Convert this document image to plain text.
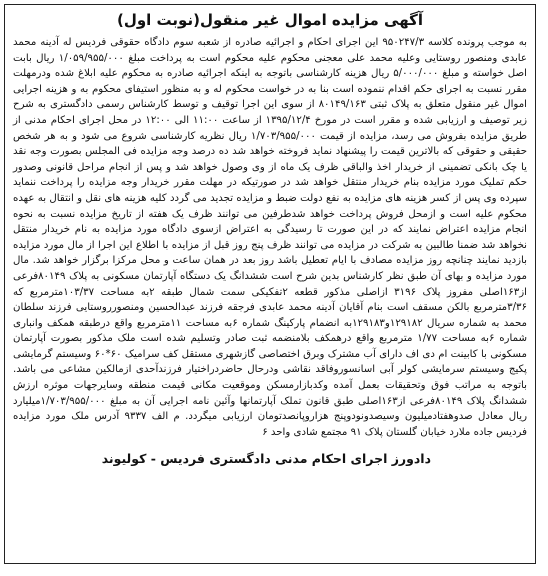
آگهی مزایده اموال غیر منقول(نوبت اول)

به موجب پرونده کلاسه ۹۵۰۲۴۷/۳ این اجرای احکام و اجرائیه صادره از شعبه سوم دادگاه حقوقی فردیس له آدینه محمد عابدی ومنصور روستایی وعلیه محمد علی معجنی محکوم علیه محکوم است به پرداخت مبلغ ۱/۰۵۹/۹۵۵/۰۰۰ ریال بابت اصل خواسته و مبلغ ۵/۰۰۰/۰۰۰ ریال هزینه کارشناسی باتوجه به اینکه اجرائیه صادره به محکوم علیه ابلاغ شده ودرمهلت مقرر نسبت به اجرای حکم اقدام ننموده است بنا به در خواست محکوم له و به منظور استیفای محکوم به و هزینه اجرایی اموال غیر منقول متعلق به پلاک ثبتی ۸۰۱۴۹/۱۶۳ از سوی این اجرا توقیف و توسط کارشناس رسمی دادگستری به شرح زیر توصیف و ارزیابی شده و مقرر است در مورخ ۱۳۹۵/۱۲/۴ از ساعت ۱۱:۰۰ الی ۱۲:۰۰ در محل اجرای احکام مدنی از طریق مزایده بفروش می رسد، مزایده از قیمت ۱/۷۰۳/۹۵۵/۰۰۰ ریال نظریه کارشناسی شروع می شود و به هر شخص حقیقی و حقوقی که بالاترین قیمت را پیشنهاد نماید فروخته خواهد شد ده درصد وجه مزایده فی المجلس بصورت وجه نقد یا چک بانکی تضمینی از خریدار اخذ والباقی ظرف یک ماه از وی وصول خواهد شد و پس از انجام مراحل قانونی وصدور حکم تملیک مورد مزایده بنام خریدار منتقل خواهد شد در صورتیکه در مهلت مقرر خریدار وجه مزایده را پرداخت ننماید سپرده وی پس از کسر هزینه های مزایده به نفع دولت ضبط و مزایده تجدید می گردد کلیه هزینه های نقل و انتقال به عهده محکوم علیه است و ازمحل فروش پرداخت خواهد شدطرفین می توانند ظرف یک هفته از تاریخ مزایده نسبت به نحوه انجام مزایده اعتراض نمایند که در این صورت تا رسیدگی به اعتراض ازسوی دادگاه مورد مزایده به نام خریدار منتقل نخواهد شد ضمنا طالبین به شرکت در مزایده می توانند ظرف پنج روز قبل از مزایده با اطلاع این اجرا از مال مورد مزایده بازدید نمایند چنانچه روز مزایده مصادف با ایام تعطیل باشد روز بعد در همان ساعت و محل مرکزا برگزار خواهد شد. مال مورد مزایده و بهای آن طبق نظر کارشناس بدین شرح است ششدانگ یک دستگاه آپارتمان مسکونی به پلاک ۸۰۱۴۹فرعی از۱۶۳اصلی مفروز پلاک ۳۱۹۶ ازاصلی مذکور قطعه ۲تفکیکی سمت شمال طبقه ۲به مساحت ۱۰۳/۳۷مترمربع که ۳/۳۶مترمربع بالکن مسقف است بنام آقایان آدینه محمد عابدی فرجقه فرزند عبدالحسین ومنصورروستایی فرزند سلطان محمد به شماره سریال ۱۲۹۱۸۲و۱۲۹۱۸۳به انضمام پارکینگ شماره ۶به مساحت ۱۱مترمربع واقع درطبقه همکف وانباری شماره ۶به مساحت ۱/۷۷ مترمربع واقع درهمکف بلامنضمه ثبت صادر وتسلیم شده است ملک مذکور بصورت آپارتمان مسکونی با کابینت ام دی اف دارای آب مشترک وبرق اختصاصی گازشهری مستقل کف سرامیک ۶۰*۶۰ وسیستم گرمایشی پکیج وسیستم سرمایشی کولر آبی اسانسوروفاقد نقاشی ودرحال حاضردراختیار فرزندآحدی ازمالکین مشاعی می باشد. باتوجه به مراتب فوق وتحقیقات بعمل آمده وکدبازارمسکن وموقعیت مکانی قیمت منطقه وسایرجهات موثره ارزش ششدانگ پلاک ۸۰۱۴۹فرعی از۱۶۳اصلی طبق قانون تملک آپارتمانها وآئین نامه اجرایی آن به مبلغ ۱/۷۰۳/۹۵۵/۰۰۰میلیارد ریال معادل صدوهفتادمیلیون وسیصدونودوپنج هزاروپانصدتومان ارزیابی میگردد. م الف ۹۳۳۷ آدرس ملک مورد مزایده فردیس جاده ملارد خیابان گلستان پلاک ۹۱ مجتمع شادی واحد ۶

دادورز اجرای احکام مدنی دادگستری فردیس - کولیوند
